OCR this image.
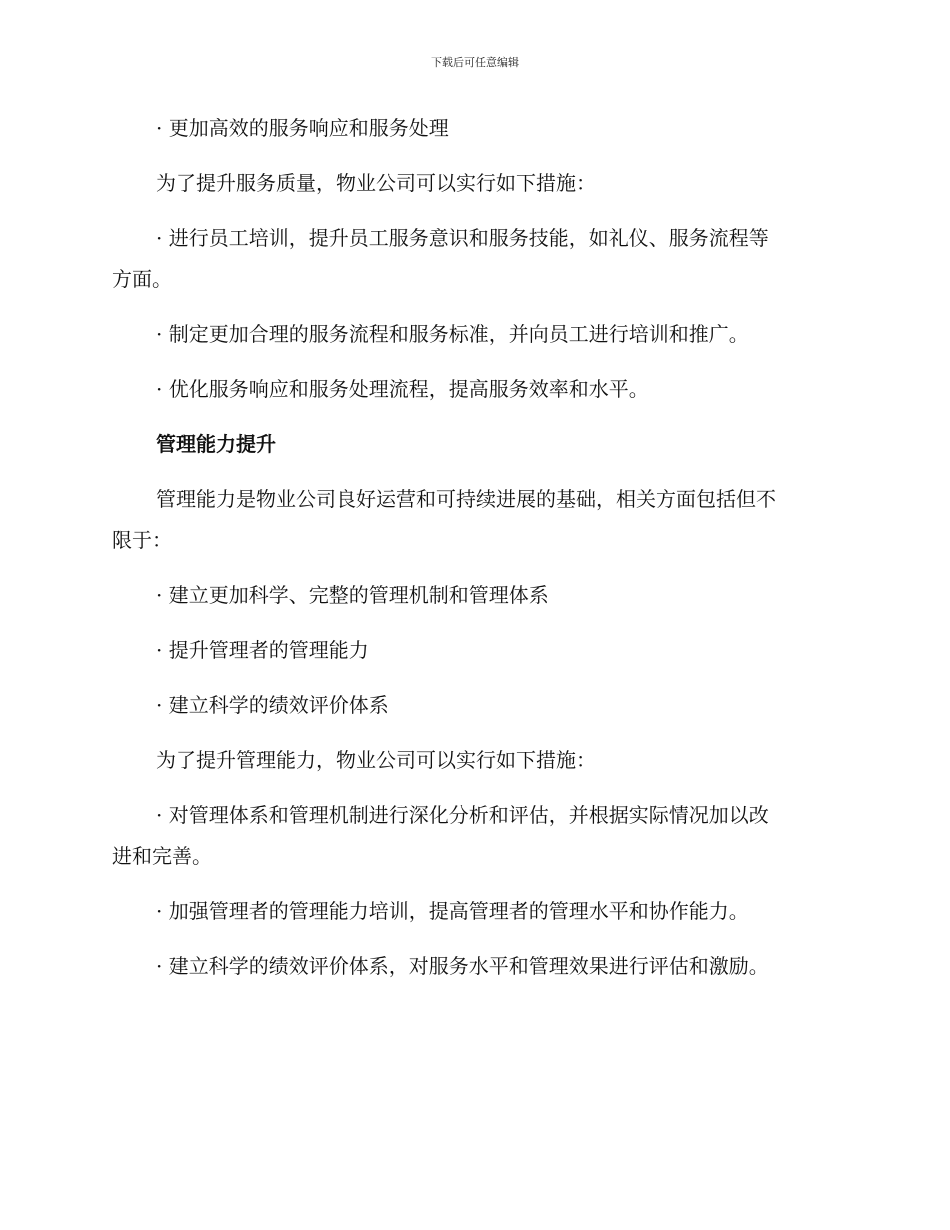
下载后可任意编辑

· 更加高效的服务响应和服务处理

为了提升服务质量，物业公司可以实行如下措施：

· 进行员工培训，提升员工服务意识和服务技能，如礼仪、服务流程等

方面。

· 制定更加合理的服务流程和服务标准，并向员工进行培训和推广。

· 优化服务响应和服务处理流程，提高服务效率和水平。

管理能力提升

管理能力是物业公司良好运营和可持续进展的基础，相关方面包括但不

限于：

· 建立更加科学、完整的管理机制和管理体系

· 提升管理者的管理能力

· 建立科学的绩效评价体系

为了提升管理能力，物业公司可以实行如下措施：

· 对管理体系和管理机制进行深化分析和评估，并根据实际情况加以改

进和完善。

· 加强管理者的管理能力培训，提高管理者的管理水平和协作能力。

· 建立科学的绩效评价体系，对服务水平和管理效果进行评估和激励。
